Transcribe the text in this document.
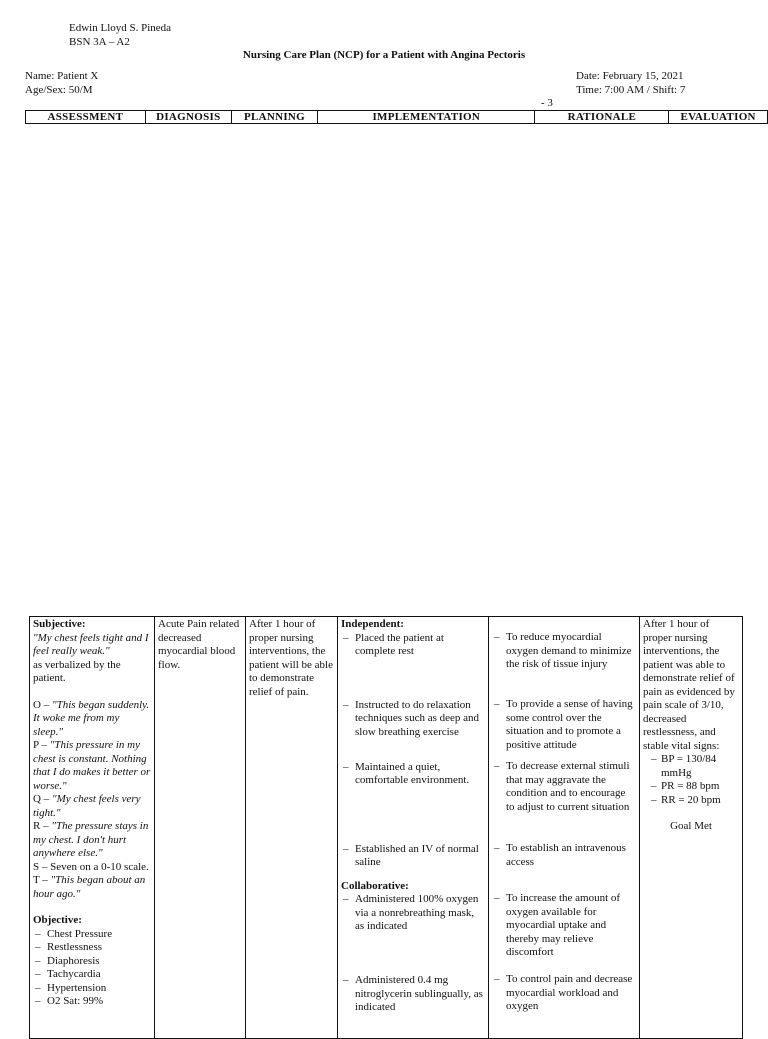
Edwin Lloyd S. Pineda
BSN 3A – A2
Nursing Care Plan (NCP) for a Patient with Angina Pectoris
Name: Patient X
Age/Sex: 50/M
Date: February 15, 2021
Time: 7:00 AM / Shift: 7
- 3
ASSESSMENT	DIAGNOSIS	PLANNING	IMPLEMENTATION	RATIONALE	EVALUATION
Subjective:
"My chest feels tight and I feel really weak."
as verbalized by the patient.
O – "This began suddenly. It woke me from my sleep."
P – "This pressure in my chest is constant. Nothing that I do makes it better or worse."
Q – "My chest feels very tight."
R – "The pressure stays in my chest. I don't hurt anywhere else."
S – Seven on a 0-10 scale.
T – "This began about an hour ago."
Objective:
– Chest Pressure
– Restlessness
– Diaphoresis
– Tachycardia
– Hypertension
– O2 Sat: 99%

Acute Pain related decreased myocardial blood flow.

After 1 hour of proper nursing interventions, the patient will be able to demonstrate relief of pain.

Independent:
– Placed the patient at complete rest
– Instructed to do relaxation techniques such as deep and slow breathing exercise
– Maintained a quiet, comfortable environment.
– Established an IV of normal saline
Collaborative:
– Administered 100% oxygen via a nonrebreathing mask, as indicated
– Administered 0.4 mg nitroglycerin sublingually, as indicated

– To reduce myocardial oxygen demand to minimize the risk of tissue injury
– To provide a sense of having some control over the situation and to promote a positive attitude
– To decrease external stimuli that may aggravate the condition and to encourage to adjust to current situation
– To establish an intravenous access
– To increase the amount of oxygen available for myocardial uptake and thereby may relieve discomfort
– To control pain and decrease myocardial workload and oxygen

After 1 hour of proper nursing interventions, the patient was able to demonstrate relief of pain as evidenced by pain scale of 3/10, decreased restlessness, and stable vital signs:
– BP = 130/84 mmHg
– PR = 88 bpm
– RR = 20 bpm
Goal Met
